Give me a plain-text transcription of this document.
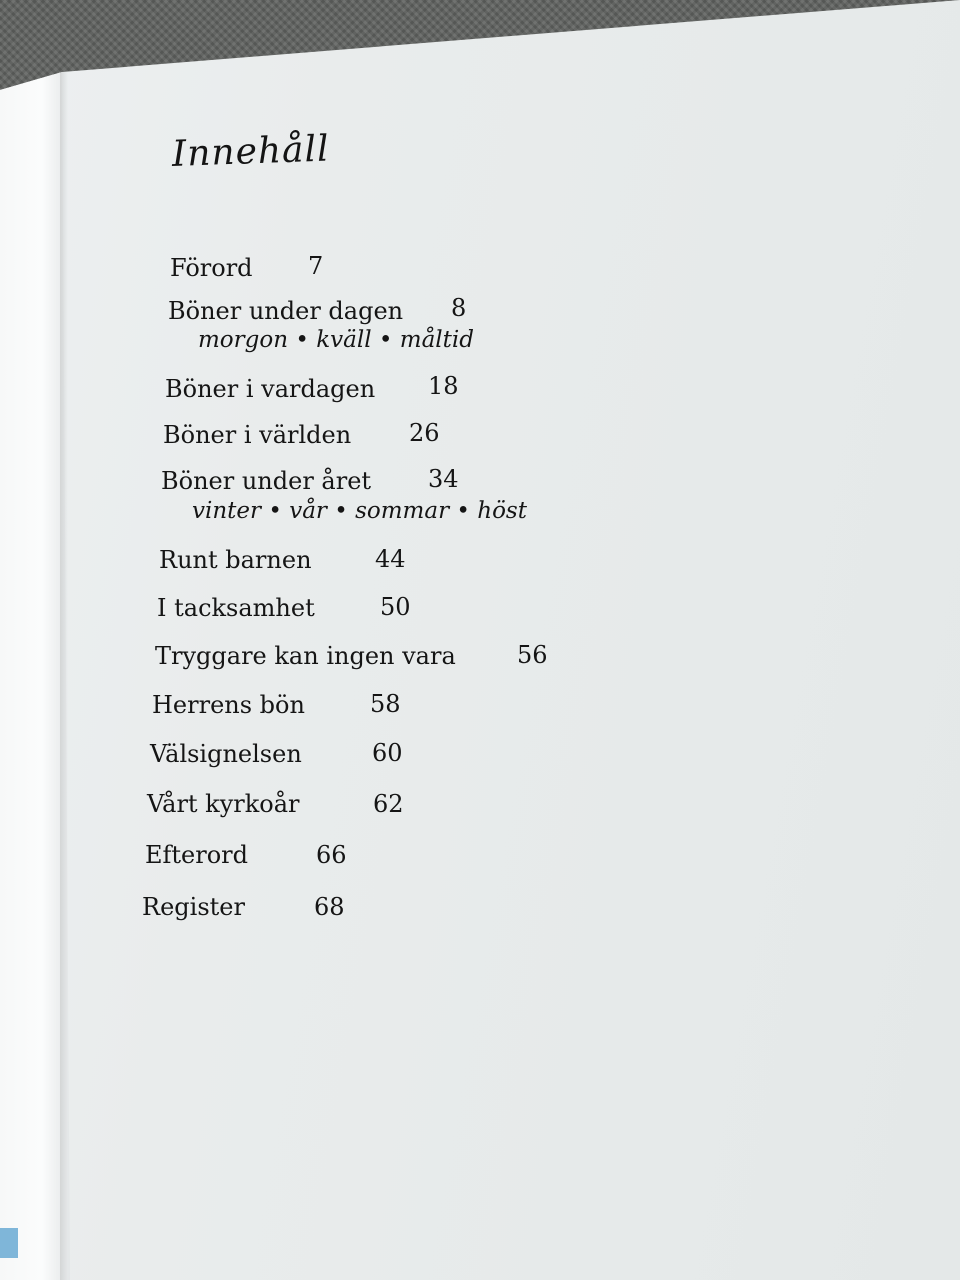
Innehåll
Förord 7
Böner under dagen 8
morgon • kväll • måltid
Böner i vardagen 18
Böner i världen 26
Böner under året 34
vinter • vår • sommar • höst
Runt barnen	44
I tacksamhet	50
Tryggare kan ingen vara	56
Herrens bön	58
Välsignelsen	60
Vårt kyrkoår	62
Efterord	66
Register	68
